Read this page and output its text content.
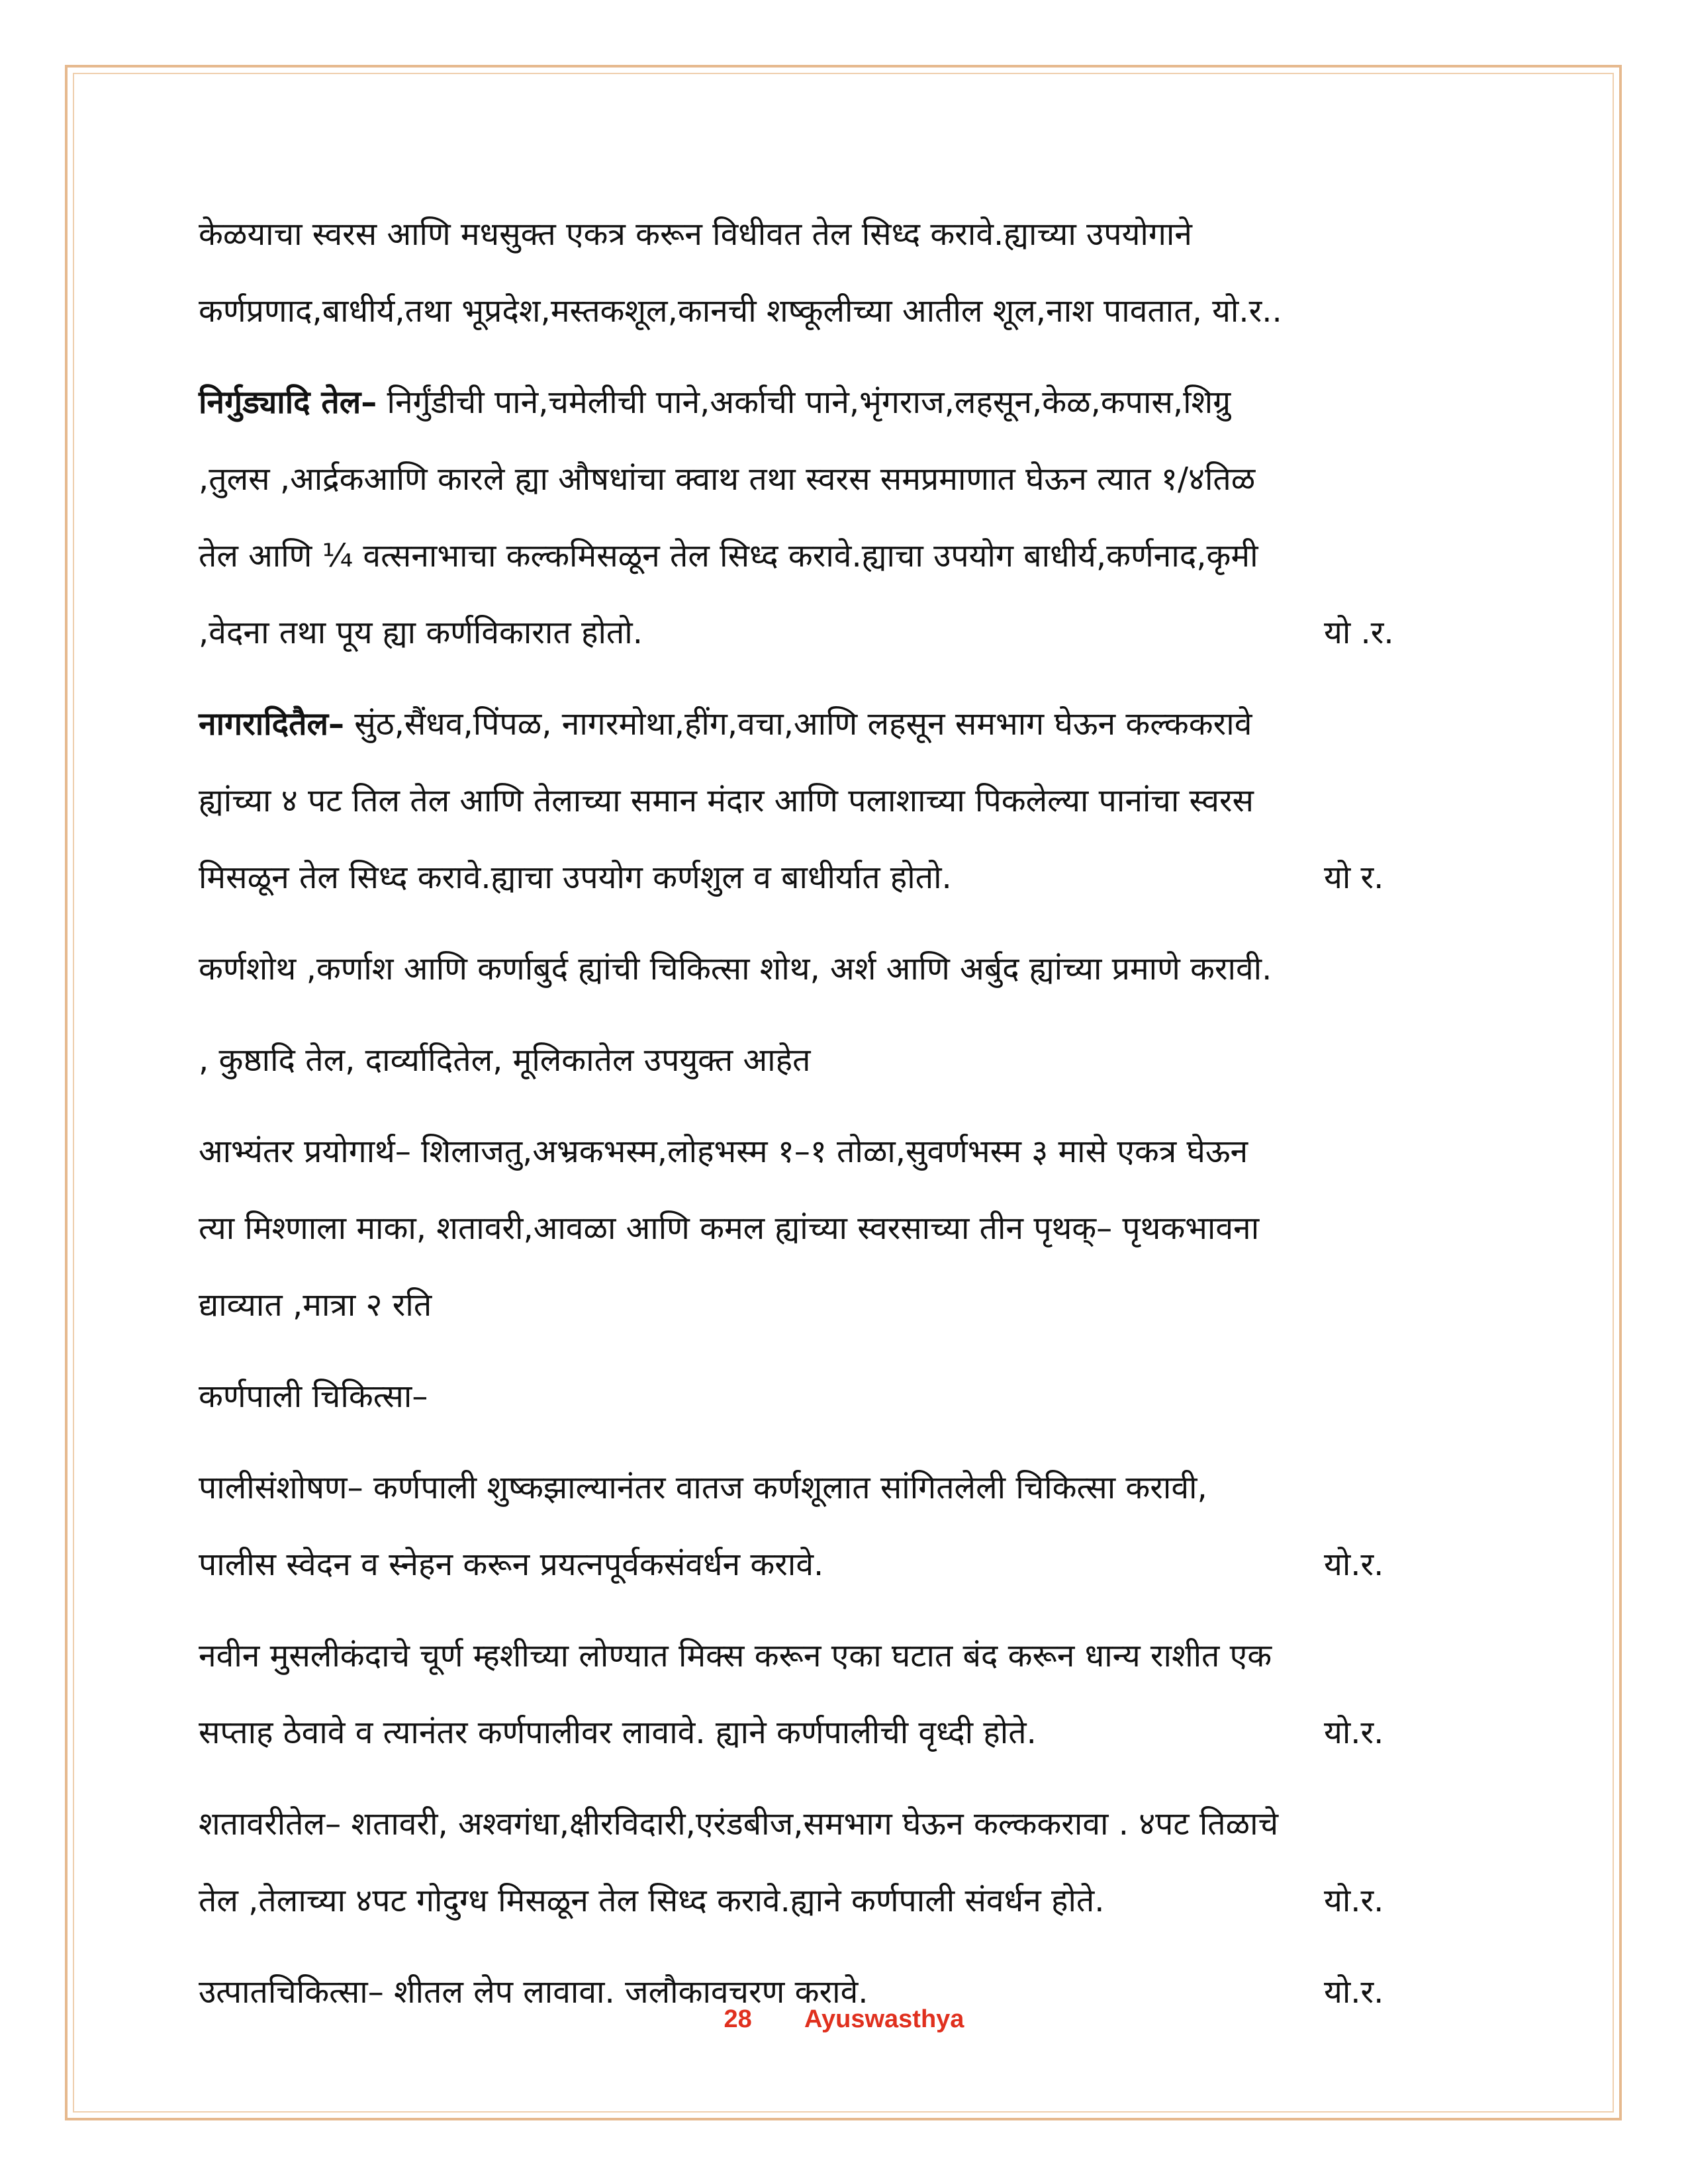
केळयाचा स्वरस आणि मधसुक्त एकत्र करून विधीवत तेल सिध्द करावे.ह्याच्या उपयोगाने
कर्णप्रणाद,बाधीर्य,तथा भूप्रदेश,मस्तकशूल,कानची शष्कूलीच्या आतील शूल,नाश पावतात, यो.र..
निर्गुड्यादि तेल– निर्गुंडीची पाने,चमेलीची पाने,अर्काची पाने,भृंगराज,लहसून,केळ,कपास,शिग्रु
,तुलस ,आर्द्रकआणि कारले ह्या औषधांचा क्वाथ तथा स्वरस समप्रमाणात घेऊन त्यात १/४तिळ
तेल आणि ¼ वत्सनाभाचा कल्कमिसळून तेल सिध्द करावे.ह्याचा उपयोग बाधीर्य,कर्णनाद,कृमी
,वेदना तथा पूय ह्या कर्णविकारात होतो.	यो .र.
नागरादितैल– सुंठ,सैंधव,पिंपळ, नागरमोथा,हींग,वचा,आणि लहसून समभाग घेऊन कल्ककरावे
ह्यांच्या ४ पट तिल तेल आणि तेलाच्या समान मंदार आणि पलाशाच्या पिकलेल्या पानांचा स्वरस
मिसळून तेल सिध्द करावे.ह्याचा उपयोग कर्णशुल व बाधीर्यात होतो.	यो र.
कर्णशोथ ,कर्णाश आणि कर्णाबुर्द ह्यांची चिकित्सा शोथ, अर्श आणि अर्बुद ह्यांच्या प्रमाणे करावी.
, कुष्ठादि तेल, दार्व्यादितेल, मूलिकातेल उपयुक्त आहेत
आभ्यंतर प्रयोगार्थ– शिलाजतु,अभ्रकभस्म,लोहभस्म १–१ तोळा,सुवर्णभस्म ३ मासे एकत्र घेऊन
त्या मिश्णाला माका, शतावरी,आवळा आणि कमल ह्यांच्या स्वरसाच्या तीन पृथक्– पृथकभावना
द्याव्यात ,मात्रा २ रति
कर्णपाली चिकित्सा–
पालीसंशोषण– कर्णपाली शुष्कझाल्यानंतर वातज कर्णशूलात सांगितलेली चिकित्सा करावी,
पालीस स्वेदन व स्नेहन करून प्रयत्नपूर्वकसंवर्धन करावे.	यो.र.
नवीन मुसलीकंदाचे चूर्ण म्हशीच्या लोण्यात मिक्स करून एका घटात बंद करून धान्य राशीत एक
सप्ताह ठेवावे व त्यानंतर कर्णपालीवर लावावे. ह्याने कर्णपालीची वृध्दी होते.	यो.र.
शतावरीतेल– शतावरी, अश्वगंधा,क्षीरविदारी,एरंडबीज,समभाग घेऊन कल्ककरावा . ४पट तिळाचे
तेल ,तेलाच्या ४पट गोदुग्ध मिसळून तेल सिध्द करावे.ह्याने कर्णपाली संवर्धन होते.	यो.र.
उत्पातचिकित्सा– शीतल लेप लावावा. जलौकावचरण करावे.	यो.र.
28 Ayuswasthya
